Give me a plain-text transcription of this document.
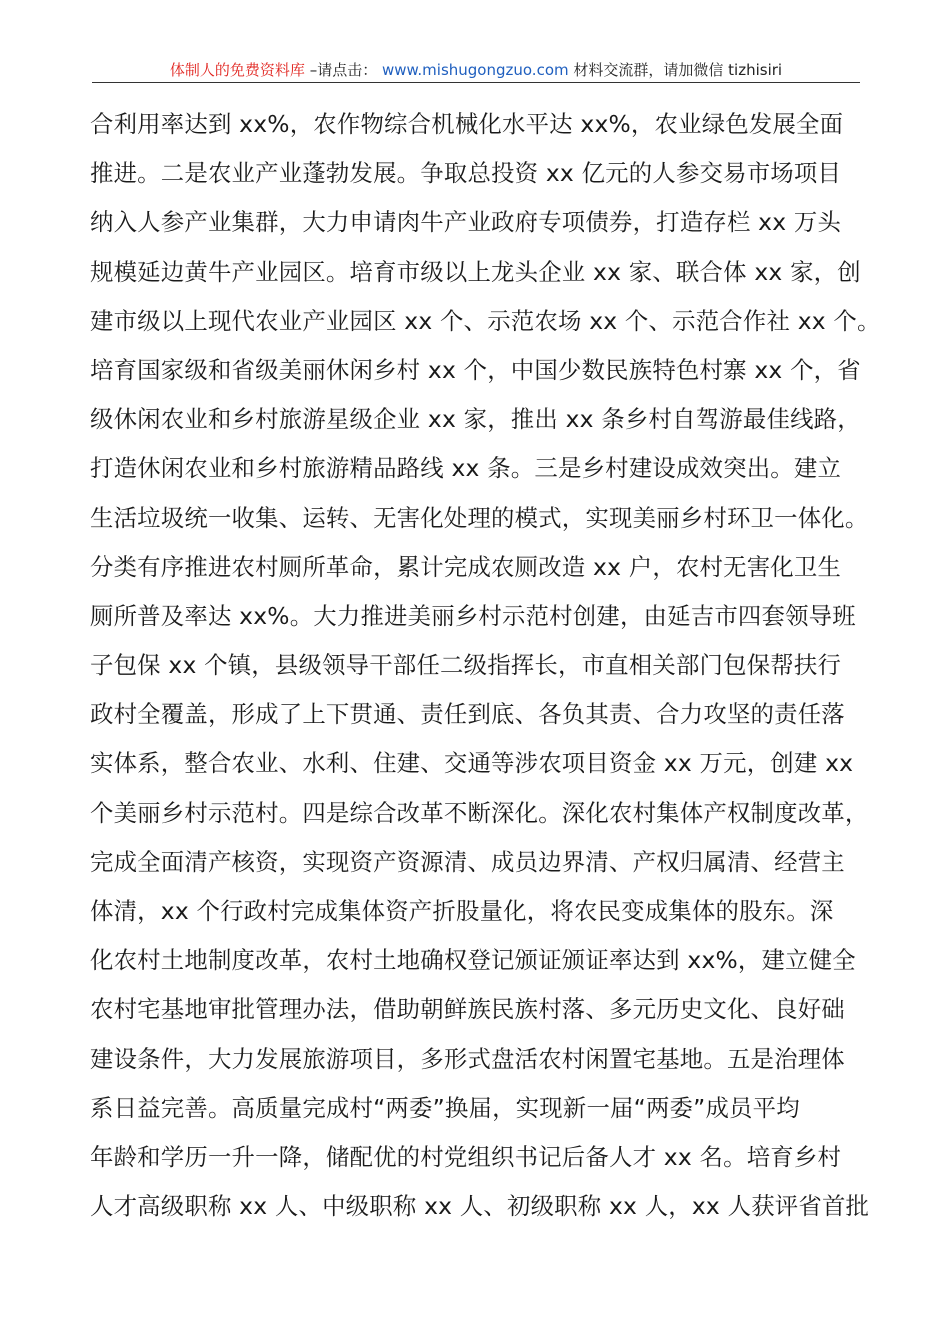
体制人的免费资料库 –请点击： www.mishugongzuo.com 材料交流群，请加微信 tizhisiri
合利用率达到 xx%，农作物综合机械化水平达 xx%，农业绿色发展全面
推进。二是农业产业蓬勃发展。争取总投资 xx 亿元的人参交易市场项目
纳入人参产业集群，大力申请肉牛产业政府专项债券，打造存栏 xx 万头
规模延边黄牛产业园区。培育市级以上龙头企业 xx 家、联合体 xx 家，创
建市级以上现代农业产业园区 xx 个、示范农场 xx 个、示范合作社 xx 个。
培育国家级和省级美丽休闲乡村 xx 个，中国少数民族特色村寨 xx 个，省
级休闲农业和乡村旅游星级企业 xx 家，推出 xx 条乡村自驾游最佳线路，
打造休闲农业和乡村旅游精品路线 xx 条。三是乡村建设成效突出。建立
生活垃圾统一收集、运转、无害化处理的模式，实现美丽乡村环卫一体化。
分类有序推进农村厕所革命，累计完成农厕改造 xx 户，农村无害化卫生
厕所普及率达 xx%。大力推进美丽乡村示范村创建，由延吉市四套领导班
子包保 xx 个镇，县级领导干部任二级指挥长，市直相关部门包保帮扶行
政村全覆盖，形成了上下贯通、责任到底、各负其责、合力攻坚的责任落
实体系，整合农业、水利、住建、交通等涉农项目资金 xx 万元，创建 xx
个美丽乡村示范村。四是综合改革不断深化。深化农村集体产权制度改革，
完成全面清产核资，实现资产资源清、成员边界清、产权归属清、经营主
体清，xx 个行政村完成集体资产折股量化，将农民变成集体的股东。深
化农村土地制度改革，农村土地确权登记颁证颁证率达到 xx%，建立健全
农村宅基地审批管理办法，借助朝鲜族民族村落、多元历史文化、良好础
建设条件，大力发展旅游项目，多形式盘活农村闲置宅基地。五是治理体
系日益完善。高质量完成村“两委”换届，实现新一届“两委”成员平均
年龄和学历一升一降，储配优的村党组织书记后备人才 xx 名。培育乡村
人才高级职称 xx 人、中级职称 xx 人、初级职称 xx 人，xx 人获评省首批
